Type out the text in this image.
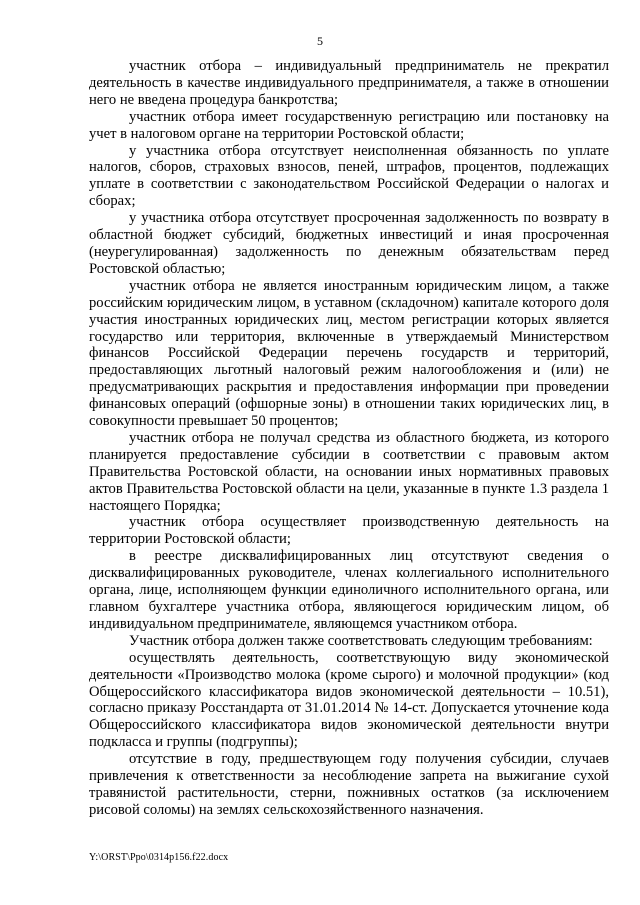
5

участник отбора – индивидуальный предприниматель не прекратил деятельность в качестве индивидуального предпринимателя, а также в отношении него не введена процедура банкротства;

участник отбора имеет государственную регистрацию или постановку на учет в налоговом органе на территории Ростовской области;

у участника отбора отсутствует неисполненная обязанность по уплате налогов, сборов, страховых взносов, пеней, штрафов, процентов, подлежащих уплате в соответствии с законодательством Российской Федерации о налогах и сборах;

у участника отбора отсутствует просроченная задолженность по возврату в областной бюджет субсидий, бюджетных инвестиций и иная просроченная (неурегулированная) задолженность по денежным обязательствам перед Ростовской областью;

участник отбора не является иностранным юридическим лицом, а также российским юридическим лицом, в уставном (складочном) капитале которого доля участия иностранных юридических лиц, местом регистрации которых является государство или территория, включенные в утверждаемый Министерством финансов Российской Федерации перечень государств и территорий, предоставляющих льготный налоговый режим налогообложения и (или) не предусматривающих раскрытия и предоставления информации при проведении финансовых операций (офшорные зоны) в отношении таких юридических лиц, в совокупности превышает 50 процентов;

участник отбора не получал средства из областного бюджета, из которого планируется предоставление субсидии в соответствии с правовым актом Правительства Ростовской области, на основании иных нормативных правовых актов Правительства Ростовской области на цели, указанные в пункте 1.3 раздела 1 настоящего Порядка;

участник отбора осуществляет производственную деятельность на территории Ростовской области;

в реестре дисквалифицированных лиц отсутствуют сведения о дисквалифицированных руководителе, членах коллегиального исполнительного органа, лице, исполняющем функции единоличного исполнительного органа, или главном бухгалтере участника отбора, являющегося юридическим лицом, об индивидуальном предпринимателе, являющемся участником отбора.

Участник отбора должен также соответствовать следующим требованиям:

осуществлять деятельность, соответствующую виду экономической деятельности «Производство молока (кроме сырого) и молочной продукции» (код Общероссийского классификатора видов экономической деятельности – 10.51), согласно приказу Росстандарта от 31.01.2014 № 14-ст. Допускается уточнение кода Общероссийского классификатора видов экономической деятельности внутри подкласса и группы (подгруппы);

отсутствие в году, предшествующем году получения субсидии, случаев привлечения к ответственности за несоблюдение запрета на выжигание сухой травянистой растительности, стерни, пожнивных остатков (за исключением рисовой соломы) на землях сельскохозяйственного назначения.

Y:\ORST\Ppo\0314p156.f22.docx
